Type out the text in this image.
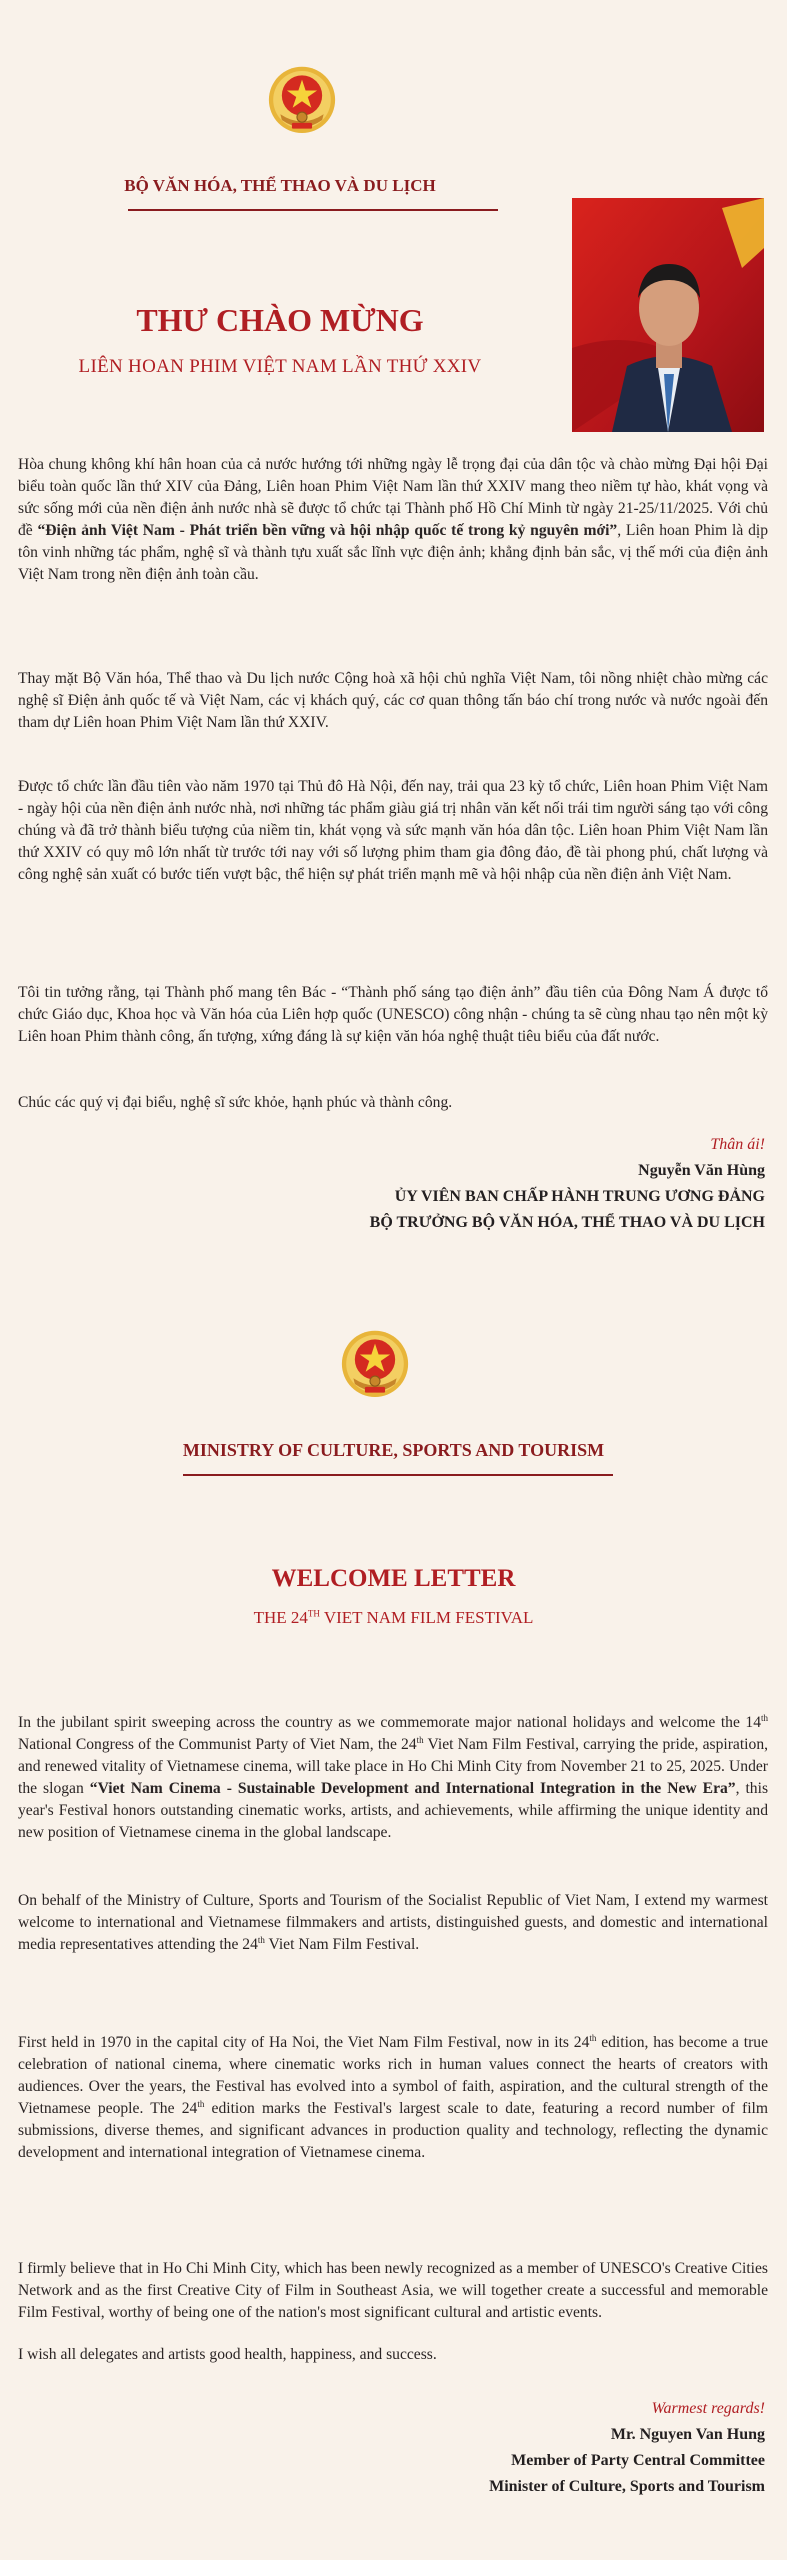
BỘ VĂN HÓA, THỂ THAO VÀ DU LỊCH
THƯ CHÀO MỪNG
LIÊN HOAN PHIM VIỆT NAM LẦN THỨ XXIV
Hòa chung không khí hân hoan của cả nước hướng tới những ngày lễ trọng đại của dân tộc và chào mừng Đại hội Đại biểu toàn quốc lần thứ XIV của Đảng, Liên hoan Phim Việt Nam lần thứ XXIV mang theo niềm tự hào, khát vọng và sức sống mới của nền điện ảnh nước nhà sẽ được tổ chức tại Thành phố Hồ Chí Minh từ ngày 21-25/11/2025. Với chủ đề “Điện ảnh Việt Nam - Phát triển bền vững và hội nhập quốc tế trong kỷ nguyên mới”, Liên hoan Phim là dịp tôn vinh những tác phẩm, nghệ sĩ và thành tựu xuất sắc lĩnh vực điện ảnh; khẳng định bản sắc, vị thế mới của điện ảnh Việt Nam trong nền điện ảnh toàn cầu.
Thay mặt Bộ Văn hóa, Thể thao và Du lịch nước Cộng hoà xã hội chủ nghĩa Việt Nam, tôi nồng nhiệt chào mừng các nghệ sĩ Điện ảnh quốc tế và Việt Nam, các vị khách quý, các cơ quan thông tấn báo chí trong nước và nước ngoài đến tham dự Liên hoan Phim Việt Nam lần thứ XXIV.
Được tổ chức lần đầu tiên vào năm 1970 tại Thủ đô Hà Nội, đến nay, trải qua 23 kỳ tổ chức, Liên hoan Phim Việt Nam - ngày hội của nền điện ảnh nước nhà, nơi những tác phẩm giàu giá trị nhân văn kết nối trái tim người sáng tạo với công chúng và đã trở thành biểu tượng của niềm tin, khát vọng và sức mạnh văn hóa dân tộc. Liên hoan Phim Việt Nam lần thứ XXIV có quy mô lớn nhất từ trước tới nay với số lượng phim tham gia đông đảo, đề tài phong phú, chất lượng và công nghệ sản xuất có bước tiến vượt bậc, thể hiện sự phát triển mạnh mẽ và hội nhập của nền điện ảnh Việt Nam.
Tôi tin tưởng rằng, tại Thành phố mang tên Bác - “Thành phố sáng tạo điện ảnh” đầu tiên của Đông Nam Á được tổ chức Giáo dục, Khoa học và Văn hóa của Liên hợp quốc (UNESCO) công nhận - chúng ta sẽ cùng nhau tạo nên một kỳ Liên hoan Phim thành công, ấn tượng, xứng đáng là sự kiện văn hóa nghệ thuật tiêu biểu của đất nước.
Chúc các quý vị đại biểu, nghệ sĩ sức khỏe, hạnh phúc và thành công.
Thân ái!
Nguyễn Văn Hùng
ỦY VIÊN BAN CHẤP HÀNH TRUNG ƯƠNG ĐẢNG
BỘ TRƯỞNG BỘ VĂN HÓA, THỂ THAO VÀ DU LỊCH
MINISTRY OF CULTURE, SPORTS AND TOURISM
WELCOME LETTER
THE 24TH VIET NAM FILM FESTIVAL
In the jubilant spirit sweeping across the country as we commemorate major national holidays and welcome the 14th National Congress of the Communist Party of Viet Nam, the 24th Viet Nam Film Festival, carrying the pride, aspiration, and renewed vitality of Vietnamese cinema, will take place in Ho Chi Minh City from November 21 to 25, 2025. Under the slogan “Viet Nam Cinema - Sustainable Development and International Integration in the New Era”, this year's Festival honors outstanding cinematic works, artists, and achievements, while affirming the unique identity and new position of Vietnamese cinema in the global landscape.
On behalf of the Ministry of Culture, Sports and Tourism of the Socialist Republic of Viet Nam, I extend my warmest welcome to international and Vietnamese filmmakers and artists, distinguished guests, and domestic and international media representatives attending the 24th Viet Nam Film Festival.
First held in 1970 in the capital city of Ha Noi, the Viet Nam Film Festival, now in its 24th edition, has become a true celebration of national cinema, where cinematic works rich in human values connect the hearts of creators with audiences. Over the years, the Festival has evolved into a symbol of faith, aspiration, and the cultural strength of the Vietnamese people. The 24th edition marks the Festival's largest scale to date, featuring a record number of film submissions, diverse themes, and significant advances in production quality and technology, reflecting the dynamic development and international integration of Vietnamese cinema.
I firmly believe that in Ho Chi Minh City, which has been newly recognized as a member of UNESCO's Creative Cities Network and as the first Creative City of Film in Southeast Asia, we will together create a successful and memorable Film Festival, worthy of being one of the nation's most significant cultural and artistic events.
I wish all delegates and artists good health, happiness, and success.
Warmest regards!
Mr. Nguyen Van Hung
Member of Party Central Committee
Minister of Culture, Sports and Tourism
